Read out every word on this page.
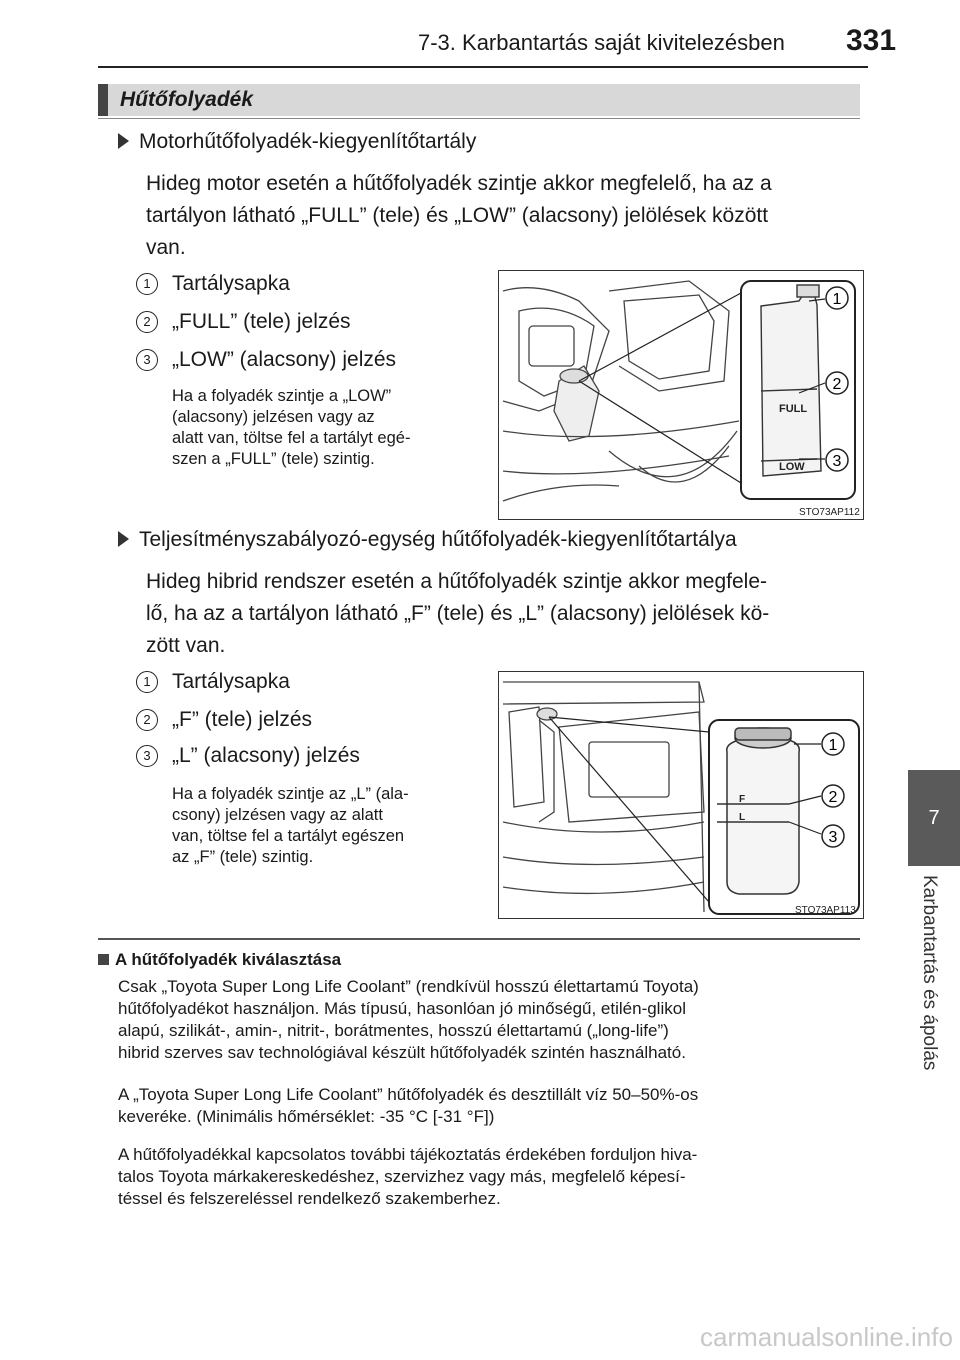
7-3. Karbantartás saját kivitelezésben 331
7
Karbantartás és ápolás
Hűtőfolyadék
Motorhűtőfolyadék-kiegyenlítőtartály
Hideg motor esetén a hűtőfolyadék szintje akkor megfelelő, ha az a
tartályon látható „FULL” (tele) és „LOW” (alacsony) jelölések között
van.
1 Tartálysapka
2 „FULL” (tele) jelzés
3 „LOW” (alacsony) jelzés
Ha a folyadék szintje a „LOW”
(alacsony) jelzésen vagy az
alatt van, töltse fel a tartályt egé-
szen a „FULL” (tele) szintig.
FULL
LOW
1
2
3
STO73AP112
Teljesítményszabályozó-egység hűtőfolyadék-kiegyenlítőtartálya
Hideg hibrid rendszer esetén a hűtőfolyadék szintje akkor megfele-
lő, ha az a tartályon látható „F” (tele) és „L” (alacsony) jelölések kö-
zött van.
1 Tartálysapka
2 „F” (tele) jelzés
3 „L” (alacsony) jelzés
Ha a folyadék szintje az „L” (ala-
csony) jelzésen vagy az alatt
van, töltse fel a tartályt egészen
az „F” (tele) szintig.
F
L
1
2
3
STO73AP113
A hűtőfolyadék kiválasztása
Csak „Toyota Super Long Life Coolant” (rendkívül hosszú élettartamú Toyota)
hűtőfolyadékot használjon. Más típusú, hasonlóan jó minőségű, etilén-glikol
alapú, szilikát-, amin-, nitrit-, borátmentes, hosszú élettartamú („long-life”)
hibrid szerves sav technológiával készült hűtőfolyadék szintén használható.
A „Toyota Super Long Life Coolant” hűtőfolyadék és desztillált víz 50–50%-os
keveréke. (Minimális hőmérséklet: -35 °C [-31 °F])
A hűtőfolyadékkal kapcsolatos további tájékoztatás érdekében forduljon hiva-
talos Toyota márkakereskedéshez, szervizhez vagy más, megfelelő képesí-
téssel és felszereléssel rendelkező szakemberhez.
carmanualsonline.info
